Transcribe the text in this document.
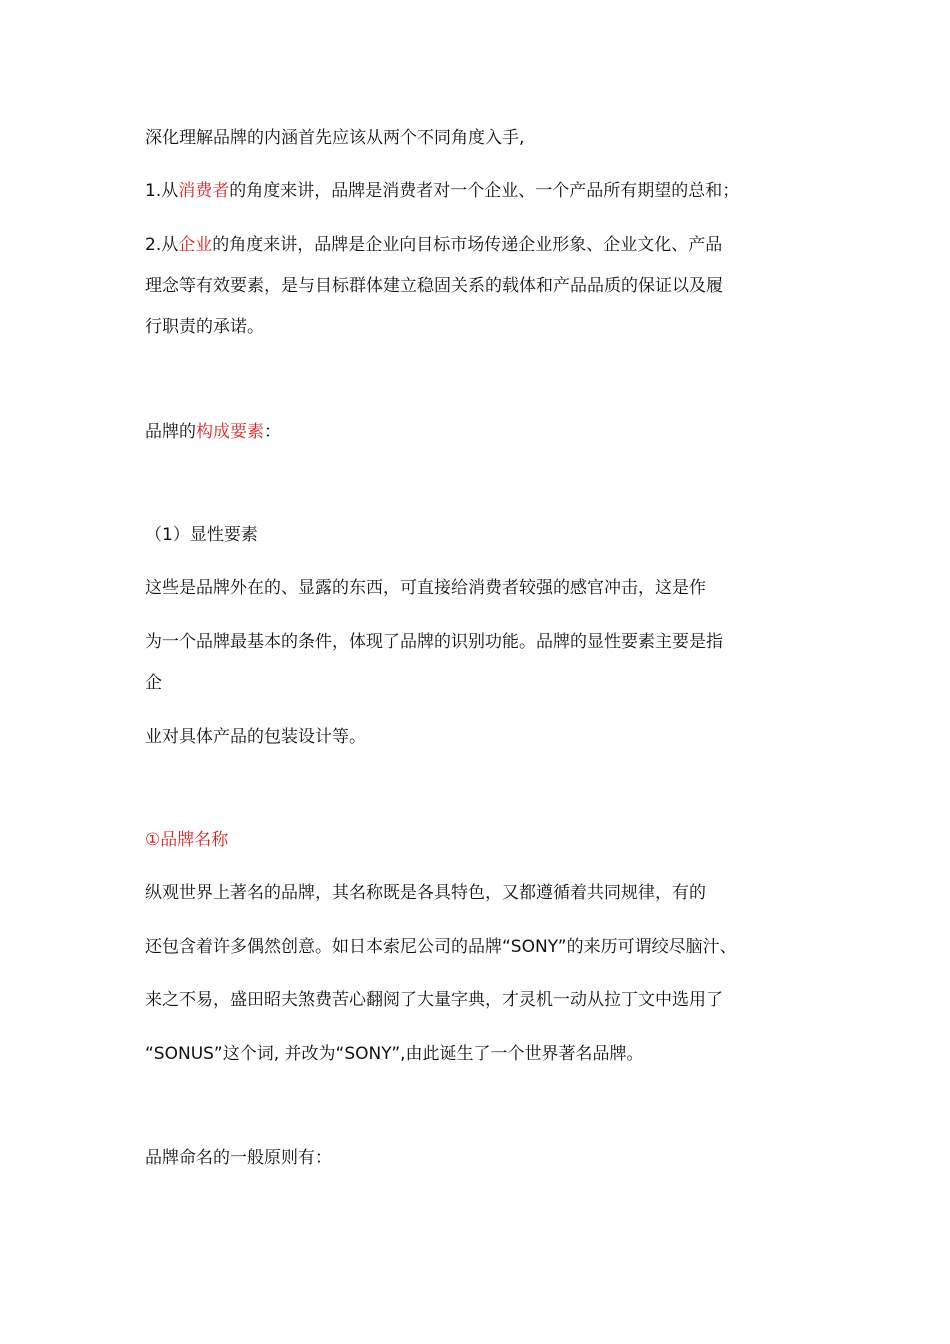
深化理解品牌的内涵首先应该从两个不同角度入手,
1.从消费者的角度来讲，品牌是消费者对一个企业、一个产品所有期望的总和；
2.从企业的角度来讲，品牌是企业向目标市场传递企业形象、企业文化、产品
理念等有效要素，是与目标群体建立稳固关系的载体和产品品质的保证以及履
行职责的承诺。
品牌的构成要素：
（1）显性要素
这些是品牌外在的、显露的东西，可直接给消费者较强的感官冲击，这是作
为一个品牌最基本的条件，体现了品牌的识别功能。品牌的显性要素主要是指
企
业对具体产品的包装设计等。
①品牌名称
纵观世界上著名的品牌，其名称既是各具特色，又都遵循着共同规律，有的
还包含着许多偶然创意。如日本索尼公司的品牌“SONY”的来历可谓绞尽脑汁、
来之不易，盛田昭夫煞费苦心翻阅了大量字典，才灵机一动从拉丁文中选用了
“SONUS”这个词, 并改为“SONY”,由此诞生了一个世界著名品牌。
品牌命名的一般原则有：
